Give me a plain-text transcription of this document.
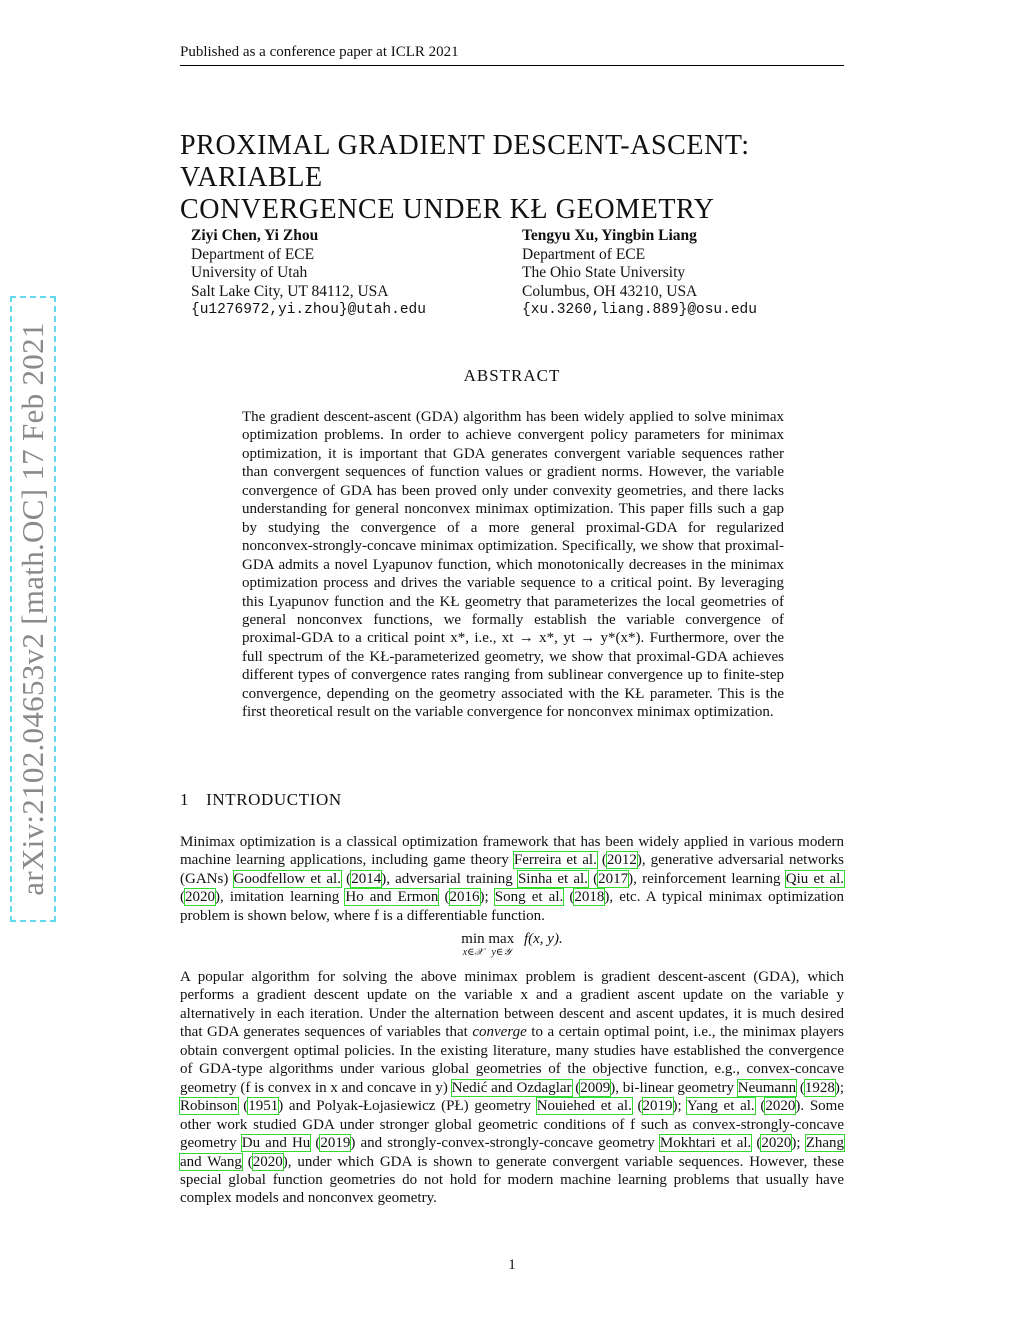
Published as a conference paper at ICLR 2021
arXiv:2102.04653v2 [math.OC] 17 Feb 2021
PROXIMAL GRADIENT DESCENT-ASCENT: VARIABLE
CONVERGENCE UNDER KŁ GEOMETRY
Ziyi Chen, Yi Zhou
Department of ECE
University of Utah
Salt Lake City, UT 84112, USA
{u1276972,yi.zhou}@utah.edu
Tengyu Xu, Yingbin Liang
Department of ECE
The Ohio State University
Columbus, OH 43210, USA
{xu.3260,liang.889}@osu.edu
ABSTRACT

The gradient descent-ascent (GDA) algorithm has been widely applied to solve minimax optimization problems. In order to achieve convergent policy parameters for minimax optimization, it is important that GDA generates convergent variable sequences rather than convergent sequences of function values or gradient norms. However, the variable convergence of GDA has been proved only under convexity geometries, and there lacks understanding for general nonconvex minimax optimization. This paper fills such a gap by studying the convergence of a more general proximal-GDA for regularized nonconvex-strongly-concave minimax optimization. Specifically, we show that proximal-GDA admits a novel Lyapunov function, which monotonically decreases in the minimax optimization process and drives the variable sequence to a critical point. By leveraging this Lyapunov function and the KŁ geometry that parameterizes the local geometries of general nonconvex functions, we formally establish the variable convergence of proximal-GDA to a critical point x*, i.e., xt → x*, yt → y*(x*). Furthermore, over the full spectrum of the KŁ-parameterized geometry, we show that proximal-GDA achieves different types of convergence rates ranging from sublinear convergence up to finite-step convergence, depending on the geometry associated with the KŁ parameter. This is the first theoretical result on the variable convergence for nonconvex minimax optimization.

1 INTRODUCTION

Minimax optimization is a classical optimization framework that has been widely applied in various modern machine learning applications, including game theory Ferreira et al. (2012), generative adversarial networks (GANs) Goodfellow et al. (2014), adversarial training Sinha et al. (2017), reinforcement learning Qiu et al. (2020), imitation learning Ho and Ermon (2016); Song et al. (2018), etc. A typical minimax optimization problem is shown below, where f is a differentiable function.

min
x∈𝒳
max
y∈𝒴
f(x, y).

A popular algorithm for solving the above minimax problem is gradient descent-ascent (GDA), which performs a gradient descent update on the variable x and a gradient ascent update on the variable y alternatively in each iteration. Under the alternation between descent and ascent updates, it is much desired that GDA generates sequences of variables that converge to a certain optimal point, i.e., the minimax players obtain convergent optimal policies. In the existing literature, many studies have established the convergence of GDA-type algorithms under various global geometries of the objective function, e.g., convex-concave geometry (f is convex in x and concave in y) Nedić and Ozdaglar (2009), bi-linear geometry Neumann (1928); Robinson (1951) and Polyak-Łojasiewicz (PŁ) geometry Nouiehed et al. (2019); Yang et al. (2020). Some other work studied GDA under stronger global geometric conditions of f such as convex-strongly-concave geometry Du and Hu (2019) and strongly-convex-strongly-concave geometry Mokhtari et al. (2020); Zhang and Wang (2020), under which GDA is shown to generate convergent variable sequences. However, these special global function geometries do not hold for modern machine learning problems that usually have complex models and nonconvex geometry.

1
